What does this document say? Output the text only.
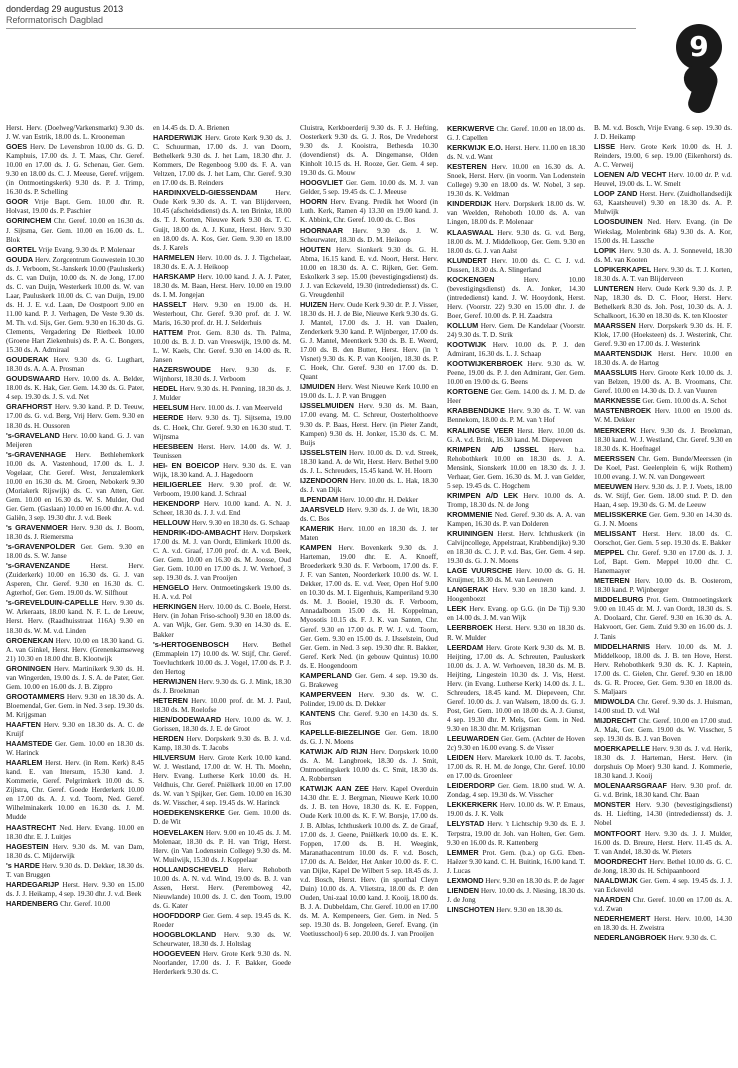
donderdag 29 augustus 2013
Reformatorisch Dagblad
9

Herst. Herv. (Doelweg/Varkensmarkt) 9.30 ds. J. W. van Estrik, 18.00 ds. L. Krooneman

GOES Herv. De Levensbron 10.00 ds. G. D. Kamphuis, 17.00 ds. J. T. Maas, Chr. Geref. 10.00 en 17.00 ds. J. G. Schenau, Ger. Gem. 9.30 en 18.00 ds. C. J. Meeuse, Geref. vrijgem. (in Ontmoetingskerk) 9.30 ds. P. J. Trimp, 16.30 ds. P. Schelling

GOOR Vrije Bapt. Gem. 10.00 dhr. R. Holvast, 19.00 ds. P. Paschier

GORINCHEM Chr. Geref. 10.00 en 16.30 ds. J. Sijtsma, Ger. Gem. 10.00 en 16.00 ds. L. Blok

GORTEL Vrije Evang. 9.30 ds. P. Molenaar

GOUDA Herv. Zorgcentrum Gouwestein 10.30 ds. J. Verboom, St.-Janskerk 10.00 (Pauluskerk) ds. C. van Duijn, 10.00 ds. N. de Jong, 17.00 ds. C. van Duijn, Westerkerk 10.00 ds. W. van Laar, Pauluskerk 10.00 ds. C. van Duijn, 19.00 ds. H. J. E. v.d. Laan, De Oostpoort 9.00 en 11.00 kand. P. J. Verhagen, De Veste 9.30 ds. M. Th. v.d. Sijs, Ger. Gem. 9.30 en 16.30 ds. G. Clements, Vergadering De Rietbeek 10.00 (Groene Hart Ziekenhuis) ds. P. A. C. Bongers, 15.30 ds. A. Admiraal

GOUDERAK Herv. 9.30 ds. G. Lugthart, 18.30 ds. A. A. A. Prosman

GOUDSWAARD Herv. 10.00 ds. A. Belder, 18.00 ds. K. Hak, Ger. Gem. 14.30 ds. G. Pater, 4 sep. 19.30 ds. J. S. v.d. Net

GRAFHORST Herv. 9.30 kand. P. D. Teeuw, 17.00 ds. G. v.d. Berg, Vrij Herv. Gem. 9.30 en 18.30 ds. H. Oussoren

's-GRAVELAND Herv. 10.00 kand. G. J. van Meijeren

's-GRAVENHAGE Herv. Bethlehemkerk 10.00 ds. A. Vastenhoud, 17.00 ds. L. J. Vogelaar, Chr. Geref. West, Jeruzalemkerk 10.00 en 16.30 ds. M. Groen, Nebokerk 9.30 (Moriakerk Rijswijk) ds. C. van Atten, Ger. Gem. 10.00 en 16.30 ds. W. S. Mulder, Oud Ger. Gem. (Gaslaan) 10.00 en 16.00 dhr. A. v.d. Galiën, 3 sep. 19.30 dhr. J. v.d. Beek

's GRAVENMOER Herv. 9.30 ds. J. Boom, 18.30 ds. J. Riemersma

's-GRAVENPOLDER Ger. Gem. 9.30 en 18.00 ds. S. W. Janse

's-GRAVENZANDE	Herst. Herv. (Zuiderkerk) 10.00 en 16.30 ds. G. J. van Asperen, Chr. Geref. 9.30 en 16.30 ds. C. Agterhof, Ger. Gem. 19.00 ds. W. Silfhout

's-GREVELDUIN-CAPELLE Herv. 9.30 ds. W. Arkeraats, 18.00 kand. N. F. L. de Leeuw, Herst. Herv. (Raadhuisstraat 116A) 9.30 en 18.30 ds. W. M. v.d. Linden

GROENEKAN Herv. 10.00 en 18.30 kand. G. A. van Ginkel, Herst. Herv. (Grenenkamseweg 21) 10.30 en 18.00 dhr. B. Klootwijk

GRONINGEN Herv. Martinikerk 9.30 ds. H. van Wingerden, 19.00 ds. J. S. A. de Pater, Ger. Gem. 10.00 en 16.00 ds. J. B. Zippro

GROOTAMMERS Herv. 9.30 en 18.30 ds. A. Bloemendal, Ger. Gem. in Ned. 3 sep. 19.30 ds. M. Krijgsman

HAAFTEN Herv. 9.30 en 18.30 ds. A. C. de Kruijf

HAAMSTEDE Ger. Gem. 10.00 en 18.30 ds. W. Harinck

HAARLEM Herst. Herv. (in Rem. Kerk) 8.45 kand. E. van Ittersum, 15.30 kand. J. Kommerie, Geref. Pelgrimkerk 10.00 ds. S. Zijlstra, Chr. Geref. Goede Herderkerk 10.00 en 17.00 ds. A. J. v.d. Toorn, Ned. Geref. Wilhelminakerk 10.00 en 16.30 ds. J. M. Mudde

HAASTRECHT Ned. Herv. Evang. 10.00 en 18.30 dhr. E. J. Luitjes

HAGESTEIN Herv. 9.30 ds. M. van Dam, 18.30 ds. C. Mijderwijk

's HARDE Herv. 9.30 ds. D. Dekker, 18.30 ds. T. van Bruggen

HARDEGARIJP Herst. Herv. 9.30 en 15.00 ds. J. J. Heikamp, 4 sep. 19.30 dhr. J. v.d. Beek

HARDENBERG Chr. Geref. 10.00

en 14.45 ds. D. A. Brienen

HARDERWIJK Herv. Grote Kerk 9.30 ds. J. C. Schuurman, 17.00 ds. J. van Doorn, Bethelkerk 9.30 ds. J. het Lam, 18.30 dhr. J. Kommers, De Regenboog 9.00 ds. F. A. van Veltzen, 17.00 ds. J. het Lam, Chr. Geref. 9.30 en 17.00 ds. B. Reinders

HARDINXVELD-GIESSENDAM	Herv. Oude Kerk 9.30 ds. A. T. van Blijderveen, 10.45 (afscheidsdienst) ds. A. ten Brinke, 18.00 ds. T. J. Korten, Nieuwe Kerk 9.30 ds. T. C. Guijt, 18.00 ds. A. J. Kunz, Herst. Herv. 9.30 en 18.00 ds. A. Kos, Ger. Gem. 9.30 en 18.00 ds. J. Karels

HARMELEN Herv. 10.00 ds. J. J. Tigchelaar, 18.30 ds. E. A. J. Heikoop

HARSKAMP Herv. 10.00 kand. J. A. J. Pater, 18.30 ds. M. Baan, Herst. Herv. 10.00 en 19.00 ds. I. M. Jongejan

HASSELT Herv. 9.30 en 19.00 ds. H. Westerhout, Chr. Geref. 9.30 prof. dr. J. W. Maris, 16.30 prof. dr. H. J. Selderhuis

HATTEM Prot. Gem. 8.30 ds. Th. Palma, 10.00 ds. B. J. D. van Vreeswijk, 19.00 ds. M. L. W. Kaels, Chr. Geref. 9.30 en 14.00 ds. R. Jansen

HAZERSWOUDE Herv. 9.30 ds. F. Wijnhorst, 18.30 ds. J. Verboom

HEDEL Herv. 9.30 ds. H. Penning, 18.30 ds. J. J. Mulder

HEELSUM Herv. 10.00 ds. J. van Meerveld

HEERDE Herv. 9.30 ds. Tj. Sijtsema, 19.00 ds. C. Hoek, Chr. Geref. 9.30 en 16.30 stud. T. Wijnsma

HEESBEEN Herst. Herv. 14.00 ds. W. J. Teunissen

HEI- EN BOEICOP Herv. 9.30 ds. E. van Wijk, 18.30 kand. A. J. Hagedoorn

HEILIGERLEE Herv. 9.30 prof. dr. W. Verboom, 19.00 kand. J. Schraal

HEKENDORP Herv. 10.00 kand. A. N. J. Scheer, 18.30 ds. J. J. v.d. End

HELLOUW Herv. 9.30 en 18.30 ds. G. Schaap

HENDRIK-IDO-AMBACHT Herv. Dorpskerk 17.00 ds. M. J. van Oordt, Elimkerk 10.00 ds. C. A. v.d. Graaf, 17.00 prof. dr. A. v.d. Beek, Ger. Gem. 10.00 en 16.30 ds. M. Joosse, Oud Ger. Gem. 10.00 en 17.00 ds. J. W. Verhoef, 3 sep. 19.30 ds. J. van Prooijen

HENGELO Herv. Ontmoetingskerk 19.00 ds. H. A. v.d. Pol

HERKINGEN Herv. 10.00 ds. C. Boele, Herst. Herv. (in Johan Friso-school) 9.30 en 18.00 ds. A. van Wijk, Ger. Gem. 9.30 en 14.30 ds. E. Bakker

's-HERTOGENBOSCH Herv. Bethel (Emmaplein 17) 10.00 ds. W. Stijf, Chr. Geref. Toevluchtkerk 10.00 ds. J. Vogel, 17.00 ds. P. J. den Hertog

HERWIJNEN Herv. 9.30 ds. G. J. Mink, 18.30 ds. J. Broekman

HETEREN Herv. 10.00 prof. dr. M. J. Paul, 18.30 ds. M. Roelofse

HIEN/DODEWAARD Herv. 10.00 ds. W. J. Gorissen, 18.30 ds. J. E. de Groot

HERDEN Herv. Dorpskerk 9.30 ds. B. J. v.d. Kamp, 18.30 ds. T. Jacobs

HILVERSUM Herv. Grote Kerk 10.00 kand. W. J. Westland, 17.00 dr. W. H. Th. Moehn, Herv. Evang. Lutherse Kerk 10.00 ds. H. Veldhuis, Chr. Geref. Pniëlkerk 10.00 en 17.00 ds. W. van 't Spijker, Ger. Gem. 10.00 en 16.30 ds. W. Visscher, 4 sep. 19.45 ds. W. Harinck

HOEDEKENSKERKE Ger. Gem. 10.00 ds. D. de Wit

HOEVELAKEN Herv. 9.00 en 10.45 ds. J. M. Molenaar, 18.30 ds. P. H. van Trigt, Herst. Herv. (in Van Lodenstein College) 9.30 ds. M. W. Muilwijk, 15.30 ds. J. Koppelaar

HOLLANDSCHEVELD Herv. Rehoboth 10.00 ds. A. N. v.d. Wind, 19.00 ds. B. J. van Assen, Herst. Herv. (Peremboweg 42, Nieuwlande) 10.00 ds. J. C. den Toom, 19.00 ds. G. Kater

HOOFDDORP Ger. Gem. 4 sep. 19.45 ds. K. Roeder

HOOGBLOKLAND Herv. 9.30 ds. W. Scheurwater, 18.30 ds. J. Holtslag

HOOGEVEEN Herv. Grote Kerk 9.30 ds. N. Noorlander, 17.00 ds. J. F. Bakker, Goede Herderkerk 9.30 ds. C.

Cluistra, Kerkboerderij 9.30 ds. F. J. Hefting, Oosterkerk 9.30 ds. G. J. Ros, De Vredehorst 9.30 ds. J. Kooistra, Bethesda 10.30 (dovendienst) ds. A. Dingemanse, Olden Kinholt 10.15 ds. H. Rooze, Ger. Gem. 4 sep. 19.30 ds. G. Mouw

HOOGVLIET Ger. Gem. 10.00 ds. M. J. van Gelder, 5 sep. 19.45 ds. C. J. Meeuse

HOORN Herv. Evang. Predik het Woord (in Luth. Kerk, Ramen 4) 13.30 en 19.00 kand. J. K. Abbink, Chr. Geref. 10.00 ds. C. Bos

HOORNAAR Herv. 9.30 ds. J. W. Scheurwater, 18.30 ds. D. M. Heikoop

HOUTEN Herv. Sionkerk 9.30 ds. G. H. Abma, 16.15 kand. E. v.d. Noort, Herst. Herv. 10.00 en 18.30 ds. A. C. Rijken, Ger. Gem. Eskolkerk 3 sep. 15.00 (bevestigingsdienst) ds. J. J. van Eckeveld, 19.30 (intredediensst) ds. C. G. Vreugdenhil

HUIZEN Herv. Oude Kerk 9.30 dr. P. J. Visser, 18.30 ds. H. J. de Bie, Nieuwe Kerk 9.30 ds. G. J. Mantel, 17.00 ds. J. H. van Daalen, Zenderkerk 9.30 kand. P. Wijnberger, 17.00 ds. G. J. Mantel, Meentkerk 9.30 ds. B. E. Weerd, 17.00 ds. B. den Butter, Herst. Herv. (in 't Visnet) 9.30 ds. K. P. van Kooijen, 18.30 ds. P. C. Hoek, Chr. Geref. 9.30 en 17.00 ds. D. Quant

IJMUIDEN Herv. West Nieuwe Kerk 10.00 en 19.00 ds. L. J. P. van Bruggen

IJSSELMUIDEN Herv. 9.30 ds. M. Baan, 17.00 evang. M. C. Schreur, Oosterholthoeve 9.30 ds. P. Baas, Herst. Herv. (in Pieter Zandt, Kampen) 9.30 ds. H. Jonker, 15.30 ds. C. M. Buijs

IJSSELSTEIN Herv. 10.00 ds. D. v.d. Streek, 18.30 kand. A. de Wit, Herst. Herv. Bethel 9.00 ds. J. L. Schreuders, 15.45 kand. W. H. Hoorn

IJZENDOORN Herv. 10.00 ds. L. Hak, 18.30 ds. J. van Dijk

ILPENDAM Herv. 10.00 dhr. H. Dekker

JAARSVELD Herv. 9.30 ds. J. de Wit, 18.30 ds. C. Bos

KAMERIK Herv. 10.00 en 18.30 ds. J. ter Maten

KAMPEN Herv. Bovenkerk 9.30 ds. J. Harteman, 19.00 dhr. E. A. Knoeff, Broederkerk 9.30 ds. F. Verboom, 17.00 ds. F. J. F. van Santen, Noorderkerk 10.00 ds. W. I. Dekker, 17.00 ds. E. v.d. Veer, Open Hof 9.00 en 10.30 ds. M. I. Eigenhuis, Kamperiland 9.30 ds. M. J. Booiel, 19.30 ds. F. Verboom, Annadalboom 15.00 ds. H. Koppelman, Myosotis 10.15 ds. F. J. K. van Santen, Chr. Geref. 9.30 en 17.00 ds. P. W. J. v.d. Toorn, Ger. Gem. 9.30 en 15.00 ds. J. IJsselstein, Oud Ger. Gem. in Ned. 3 sep. 19.30 dhr. R. Bakker, Geref. Kerk Ned. (in gebouw Quintus) 10.00 ds. E. Hoogendoorn

KAMPERLAND Ger. Gem. 4 sep. 19.30 ds. G. Brakeweg

KAMPERVEEN Herv. 9.30 ds. W. C. Polinder, 19.00 ds. D. Dekker

KANTENS Chr. Geref. 9.30 en 14.30 ds. S. Ros

KAPELLE-BIEZELINGE Ger. Gem. 18.00 ds. G. J. N. Moens

KATWIJK A/D RIJN Herv. Dorpskerk 10.00 ds. A. M. Langbroek, 18.30 ds. J. Smit, Ontmoetingskerk 10.00 ds. C. Smit, 18.30 ds. A. Robbertsen

KATWIJK AAN ZEE Herv. Kapel Overduin 14.30 dhr. E. J. Bergman, Nieuwe Kerk 10.00 ds. J. B. ten Hove, 18.30 ds. K. E. Foppen, Oude Kerk 10.00 ds. K. F. W. Borsje, 17.00 ds. J. B. Alblas, Ichthuskerk 10.00 ds. Z. de Graaf, 17.00 ds. J. Geene, Pniëlkerk 10.00 ds. E. K. Foppen, 17.00 ds. B. H. Weegink, Maranathacentrum 10.00 ds. F. v.d. Bosch, 17.00 ds. A. Belder, Het Anker 10.00 ds. F. C. van Dijke, Kapel De Wilbert 5 sep. 18.45 ds. J. v.d. Bosch, Herst. Herv. (in sporthal Cleyn Duin) 10.00 ds. A. Vlietstra, 18.00 ds. P. den Ouden, Uni-zaal 10.00 kand. J. Kooij, 18.00 ds. B. J. A. Dubbeldam, Chr. Geref. 10.00 en 17.00 ds. M. A. Kempeneers, Ger. Gem. in Ned. 5 sep. 19.30 ds. B. Jongeleen, Geref. Evang. (in Voetiusschool) 6 sep. 20.00 ds. J. van Prooijen

KERKWERVE Chr. Geref. 10.00 en 18.00 ds. G. J. Capellen

KERKWIJK E.O. Herst. Herv. 11.00 en 18.30 ds. N. v.d. Want

KESTEREN Herv. 10.00 en 16.30 ds. A. Snoek, Herst. Herv. (in voorm. Van Lodenstein College) 9.30 en 18.00 ds. W. Nobel, 3 sep. 19.30 ds. K. Veldman

KINDERDIJK Herv. Dorpskerk 18.00 ds. W. van Weelden, Rehoboth 10.00 ds. A. van Lingen, 18.00 ds. P. Molenaar

KLAASWAAL Herv. 9.30 ds. G. v.d. Berg, 18.00 ds. M. J. Middelkoop, Ger. Gem. 9.30 en 18.00 ds. G. J. van Aalst

KLUNDERT Herv. 10.00 ds. C. C. J. v.d. Dussen, 18.30 ds. A. Slingerland

KOCKENGEN	Herv. 10.00 (bevestigingsdienst) ds. A. Jonker, 14.30 (intrededienst) kand. J. W. Hooydonk, Herst. Herv. (Voorstr. 22) 9.30 en 15.00 dhr. J. de Boer, Geref. 10.00 ds. P. H. Zaadstra

KOLLUM Herv. Gem. De Kandelaar (Voorstr. 24) 9.30 ds. T. D. Strik

KOOTWIJK Herv. 10.00 ds. P. J. den Admirant, 16.30 ds. L. J. Schaap

KOOTWIJKERBROEK Herv. 9.30 ds. W. Peene, 19.00 ds. P. J. den Admirant, Ger. Gem. 10.00 en 19.00 ds. G. Beens

KORTGENE Ger. Gem. 14.00 ds. J. M. D. de Heer

KRABBENDIJKE Herv. 9.30 ds. T. W. van Bennekom, 18.00 ds. P. M. van 't Hof

KRALINGSE VEER Herst. Herv. 10.00 ds. G. A. v.d. Brink, 16.30 kand. M. Diepeveen

KRIMPEN A/D IJSSEL Herv. b.a. Rehobothkerk 10.00 en 18.30 ds. J. A. Mensink, Sionskerk 10.00 en 18.30 ds. J. J. Verhaar, Ger. Gem. 16.30 ds. M. J. van Gelder, 5 sep. 19.45 ds. C. Hogchem

KRIMPEN A/D LEK Herv. 10.00 ds. A. Tromp, 18.30 ds. N. de Jong

KROMMENIE Ned. Geref. 9.30 ds. A. A. van Kampen, 16.30 ds. P. van Dolderen

KRUININGEN Herst. Herv. Ichthuskerk (in Calvijncollege, Appelstraat, Krabbendijke) 9.30 en 18.30 ds. C. J. P. v.d. Bas, Ger. Gem. 4 sep. 19.30 ds. G. J. N. Moens

LAGE VUURSCHE Herv. 10.00 ds. G. H. Kruijmer, 18.30 ds. M. van Leeuwen

LANGERAK Herv. 9.30 en 18.30 kand. J. Hoogenboezt

LEEK Herv. Evang. op G.G. (in De Tij) 9.30 en 14.00 ds. J. M. van Wijk

LEERBROEK Herst. Herv. 9.30 en 18.30 ds. R. W. Mulder

LEERDAM Herv. Grote Kerk 9.30 ds. M. B. Heijting, 17.00 ds. A. Schreuten, Pauluskerk 10.00 ds. J. A. W. Verhoeven, 18.30 ds. M. B. Heijting, Lingestein 10.30 ds. J. Vis, Herst. Herv. (in Evang. Lutherse Kerk) 14.00 ds. J. L. Schreuders, 18.45 kand. M. Diepeveen, Chr. Geref. 10.00 ds. J. van Walsem, 18.00 ds. G. J. Post, Ger. Gem. 10.00 en 18.00 ds. A. J. Gunst, 4 sep. 19.30 dhr. P. Mels, Ger. Gem. in Ned. 9.30 en 18.30 dhr. M. Krijgsman

LEEUWARDEN Ger. Gem. (Achter de Hoven 2c) 9.30 en 16.00 evang. S. de Visser

LEIDEN Herv. Marekerk 10.00 ds. T. Jacobs, 17.00 ds. R. H. M. de Jonge, Chr. Geref. 10.00 en 17.00 ds. Groenleer

LEIDERDORP Ger. Gem. 18.00 stud. W. A. Zondag, 4 sep. 19.30 ds. W. Visscher

LEKKERKERK Herv. 10.00 ds. W. P. Emaus, 19.00 ds. J. K. Volk

LELYSTAD Herv. 't Lichtschip 9.30 ds. E. J. Terpstra, 19.00 dr. Joh. van Holten, Ger. Gem. 9.30 en 16.00 ds. R. Kattenberg

LEMMER Prot. Gem. (b.a.) op G.G. Eben-Haëzer 9.30 kand. C. H. Buitink, 16.00 kand. T. J. Lucas

LEXMOND Herv. 9.30 en 18.30 ds. P. de Jager

LIENDEN Herv. 10.00 ds. J. Niesing, 18.30 ds. J. de Jong

LINSCHOTEN Herv. 9.30 en 18.30 ds.

B. M. v.d. Bosch, Vrije Evang. 6 sep. 19.30 ds. J. D. Heikamp

LISSE Herv. Grote Kerk 10.00 ds. H. J. Reinders, 19.00, 6 sep. 19.00 (Eikenhorst) ds. A. C. Verweij

LOENEN A/D VECHT Herv. 10.00 dr. P. v.d. Heuvel, 19.00 ds. L. W. Smelt

LOOP ZAND Herst. Herv. (Zuidhollandsedijk 63, Kaatsheuvel) 9.30 en 18.30 ds. A. P. Mulwijk

LOOSDUINEN Ned. Herv. Evang. (in De Wiekslag, Molenbrink 68a) 9.30 ds. A. Kor, 15.00 ds. H. Lassche

LOPIK Herv. 9.30 ds. A. J. Sonneveld, 18.30 ds. M. van Kooten

LOPIKERKAPEL Herv. 9.30 ds. T. J. Korten, 18.30 ds. A. T. van Blijderveen

LUNTEREN Herv. Oude Kerk 9.30 ds. J. P. Nap, 18.30 ds. D. C. Floor, Herst. Herv. Bethelkerk 8.30 ds. Joh. Post, 10.30 ds. A. J. Schalkoort, 16.30 en 18.30 ds. K. ten Klooster

MAARSSEN Herv. Dorpskerk 9.30 ds. H. F. Klok, 17.00 (Hoeksteen) ds. J. Westerink, Chr. Geref. 9.30 en 17.00 ds. J. Westerink

MAARTENSDIJK Herst. Herv. 10.00 en 18.30 ds. A. de Hartog

MAASSLUIS Herv. Groote Kerk 10.00 ds. J. van Belzen, 19.00 ds. A. B. Vroomans, Chr. Geref. 10.00 en 14.30 ds. D. J. van Vuuren

MARKNESSE Ger. Gem. 10.00 ds. A. Schot

MASTENBROEK Herv. 10.00 en 19.00 ds. W. M. Dekker

MEERKERK Herv. 9.30 ds. J. Broekman, 18.30 kand. W. J. Westland, Chr. Geref. 9.30 en 18.30 ds. K. Hoefnagel

MEERSSEN Chr. Gem. Bunde/Meerssen (in De Koel, Past. Geelenplein 6, wijk Rothem) 10.00 evang. J. W. N. van Dongeweert

MEEUWEN Herv. 9.30 ds. J. P. J. Voets, 18.00 ds. W. Stijf, Ger. Gem. 18.00 stud. P. D. den Haan, 4 sep. 19.30 ds. G. M. de Leeuw

MELISSKERKE Ger. Gem. 9.30 en 14.30 ds. G. J. N. Moens

MELISSANT Herst. Herv. 18.00 ds. C. Oorschot, Ger. Gem. 5 sep. 19.30 ds. E. Bakker

MEPPEL Chr. Geref. 9.30 en 17.00 ds. J. J. Lof, Bapt. Gem. Meppel 10.00 dhr. C. Hanemaayer

METEREN Herv. 10.00 ds. B. Oosterom, 18.30 kand. P. Wijnberger

MIDDELBURG Prot. Gem. Ontmoetingskerk 9.00 en 10.45 dr. M. J. van Oordt, 18.30 ds. S. A. Doolaard, Chr. Geref. 9.30 en 16.30 ds. A. Hakvoort, Ger. Gem. Zuid 9.30 en 16.00 ds. J. J. Tanis

MIDDELHARNIS Herv. 10.00 ds. M. J. Middelkoop, 18.00 ds. J. B. ten Hove, Herst. Herv. Rehobothkerk 9.30 ds. K. J. Kaptein, 17.00 ds. C. Gielen, Chr. Geref. 9.30 en 18.00 ds. G. R. Procee, Ger. Gem. 9.30 en 18.00 ds. S. Maljaars

MIDWOLDA Chr. Geref. 9.30 ds. J. Huisman, 14.00 stud. D. v.d. Wal

MIJDRECHT Chr. Geref. 10.00 en 17.00 stud. A. Mak, Ger. Gem. 19.00 ds. W. Visscher, 5 sep. 19.30 ds. B. J. van Boven

MOERKAPELLE Herv. 9.30 ds. J. v.d. Herik, 18.30 ds. J. Harteman, Herst. Herv. (in dorpshuis Op Moer) 9.30 kand. J. Kommerie, 18.30 kand. J. Kooij

MOLENAARSGRAAF Herv. 9.30 prof. dr. G. v.d. Brink, 18.30 kand. Chr. Baan

MONSTER Herv. 9.30 (bevestigingsdienst) ds. H. Liefting, 14.30 (intredediensst) ds. J. Nobel

MONTFOORT Herv. 9.30 ds. J. J. Mulder, 16.00 ds. D. Breure, Herst. Herv. 11.45 ds. A. T. van Andel, 18.30 ds. W. Pieters

MOORDRECHT Herv. Bethel 10.00 ds. G. C. de Jong, 18.30 ds. H. Schipaanboord

NAALDWIJK Ger. Gem. 4 sep. 19.45 ds. J. J. van Eckeveld

NAARDEN Chr. Geref. 10.00 en 17.00 ds. A. v.d. Zwan

NEDERHEMERT Herst. Herv. 10.00, 14.30 en 18.30 ds. H. Zweistra

NEDERLANGBROEK Herv. 9.30 ds. C.
